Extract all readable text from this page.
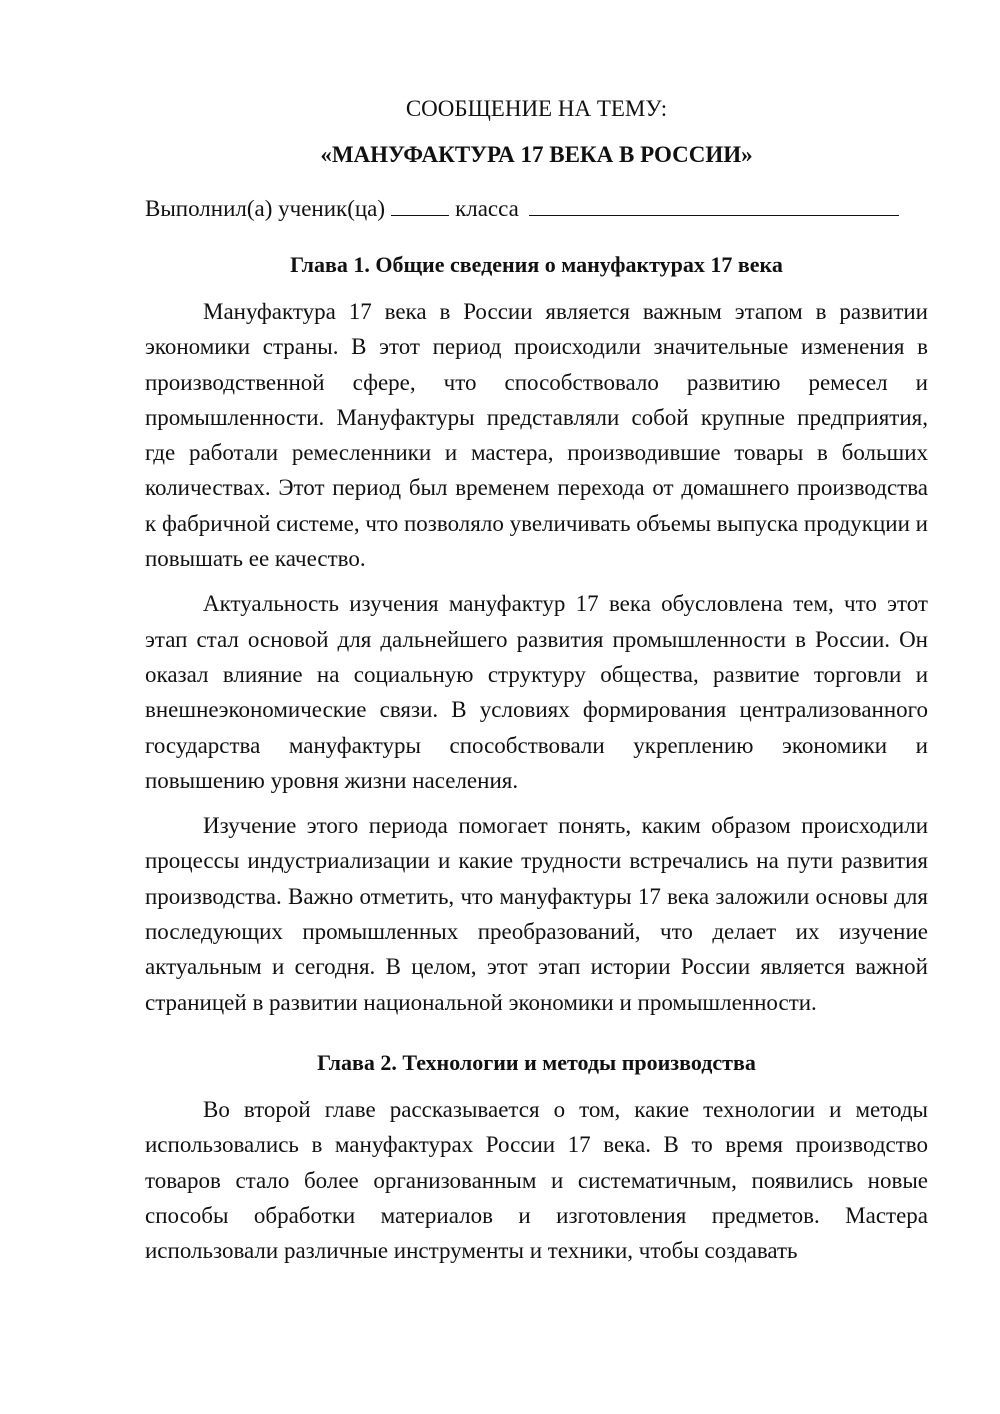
СООБЩЕНИЕ НА ТЕМУ:

«МАНУФАКТУРА 17 ВЕКА В РОССИИ»

Выполнил(а) ученик(ца)	класса

Глава 1. Общие сведения о мануфактурах 17 века

Мануфактура 17 века в России является важным этапом в развитии экономики страны. В этот период происходили значительные изменения в производственной сфере, что способствовало развитию ремесел и промышленности. Мануфактуры представляли собой крупные предприятия, где работали ремесленники и мастера, производившие товары в больших количествах. Этот период был временем перехода от домашнего производства к фабричной системе, что позволяло увеличивать объемы выпуска продукции и повышать ее качество.

Актуальность изучения мануфактур 17 века обусловлена тем, что этот этап стал основой для дальнейшего развития промышленности в России. Он оказал влияние на социальную структуру общества, развитие торговли и внешнеэкономические связи. В условиях формирования централизованного государства мануфактуры способствовали укреплению экономики и повышению уровня жизни населения.

Изучение этого периода помогает понять, каким образом происходили процессы индустриализации и какие трудности встречались на пути развития производства. Важно отметить, что мануфактуры 17 века заложили основы для последующих промышленных преобразований, что делает их изучение актуальным и сегодня. В целом, этот этап истории России является важной страницей в развитии национальной экономики и промышленности.

Глава 2. Технологии и методы производства

Во второй главе рассказывается о том, какие технологии и методы использовались в мануфактурах России 17 века. В то время производство товаров стало более организованным и систематичным, появились новые способы обработки материалов и изготовления предметов. Мастера использовали различные инструменты и техники, чтобы создавать
